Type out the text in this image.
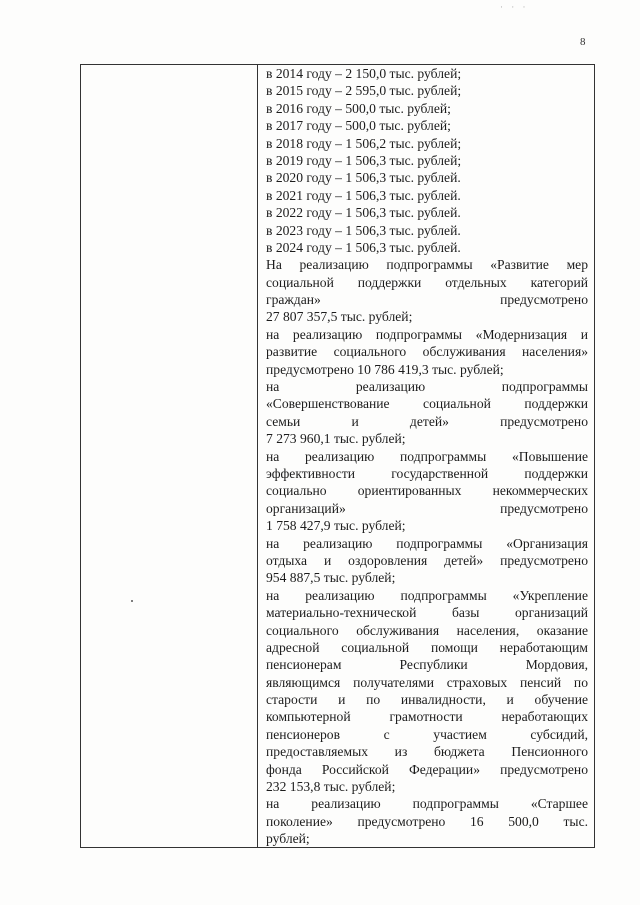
· · ·
8
в 2014 году – 2 150,0 тыс. рублей;
в 2015 году – 2 595,0 тыс. рублей;
в 2016 году – 500,0 тыс. рублей;
в 2017 году – 500,0 тыс. рублей;
в 2018 году – 1 506,2 тыс. рублей;
в 2019 году – 1 506,3 тыс. рублей;
в 2020 году – 1 506,3 тыс. рублей.
в 2021 году – 1 506,3 тыс. рублей.
в 2022 году – 1 506,3 тыс. рублей.
в 2023 году – 1 506,3 тыс. рублей.
в 2024 году – 1 506,3 тыс. рублей.
На реализацию подпрограммы «Развитие мер
социальной поддержки отдельных категорий
граждан» предусмотрено
27 807 357,5 тыс. рублей;
на реализацию подпрограммы «Модернизация и
развитие социального обслуживания населения»
предусмотрено 10 786 419,3 тыс. рублей;
на реализацию подпрограммы
«Совершенствование социальной поддержки
семьи и детей» предусмотрено
7 273 960,1 тыс. рублей;
на реализацию подпрограммы «Повышение
эффективности государственной поддержки
социально ориентированных некоммерческих
организаций» предусмотрено
1 758 427,9 тыс. рублей;
на реализацию подпрограммы «Организация
отдыха и оздоровления детей» предусмотрено
954 887,5 тыс. рублей;
на реализацию подпрограммы «Укрепление
материально-технической базы организаций
социального обслуживания населения, оказание
адресной социальной помощи неработающим
пенсионерам Республики Мордовия,
являющимся получателями страховых пенсий по
старости и по инвалидности, и обучение
компьютерной грамотности неработающих
пенсионеров с участием субсидий,
предоставляемых из бюджета Пенсионного
фонда Российской Федерации» предусмотрено
232 153,8 тыс. рублей;
на реализацию подпрограммы «Старшее
поколение» предусмотрено 16 500,0 тыс.
рублей;
